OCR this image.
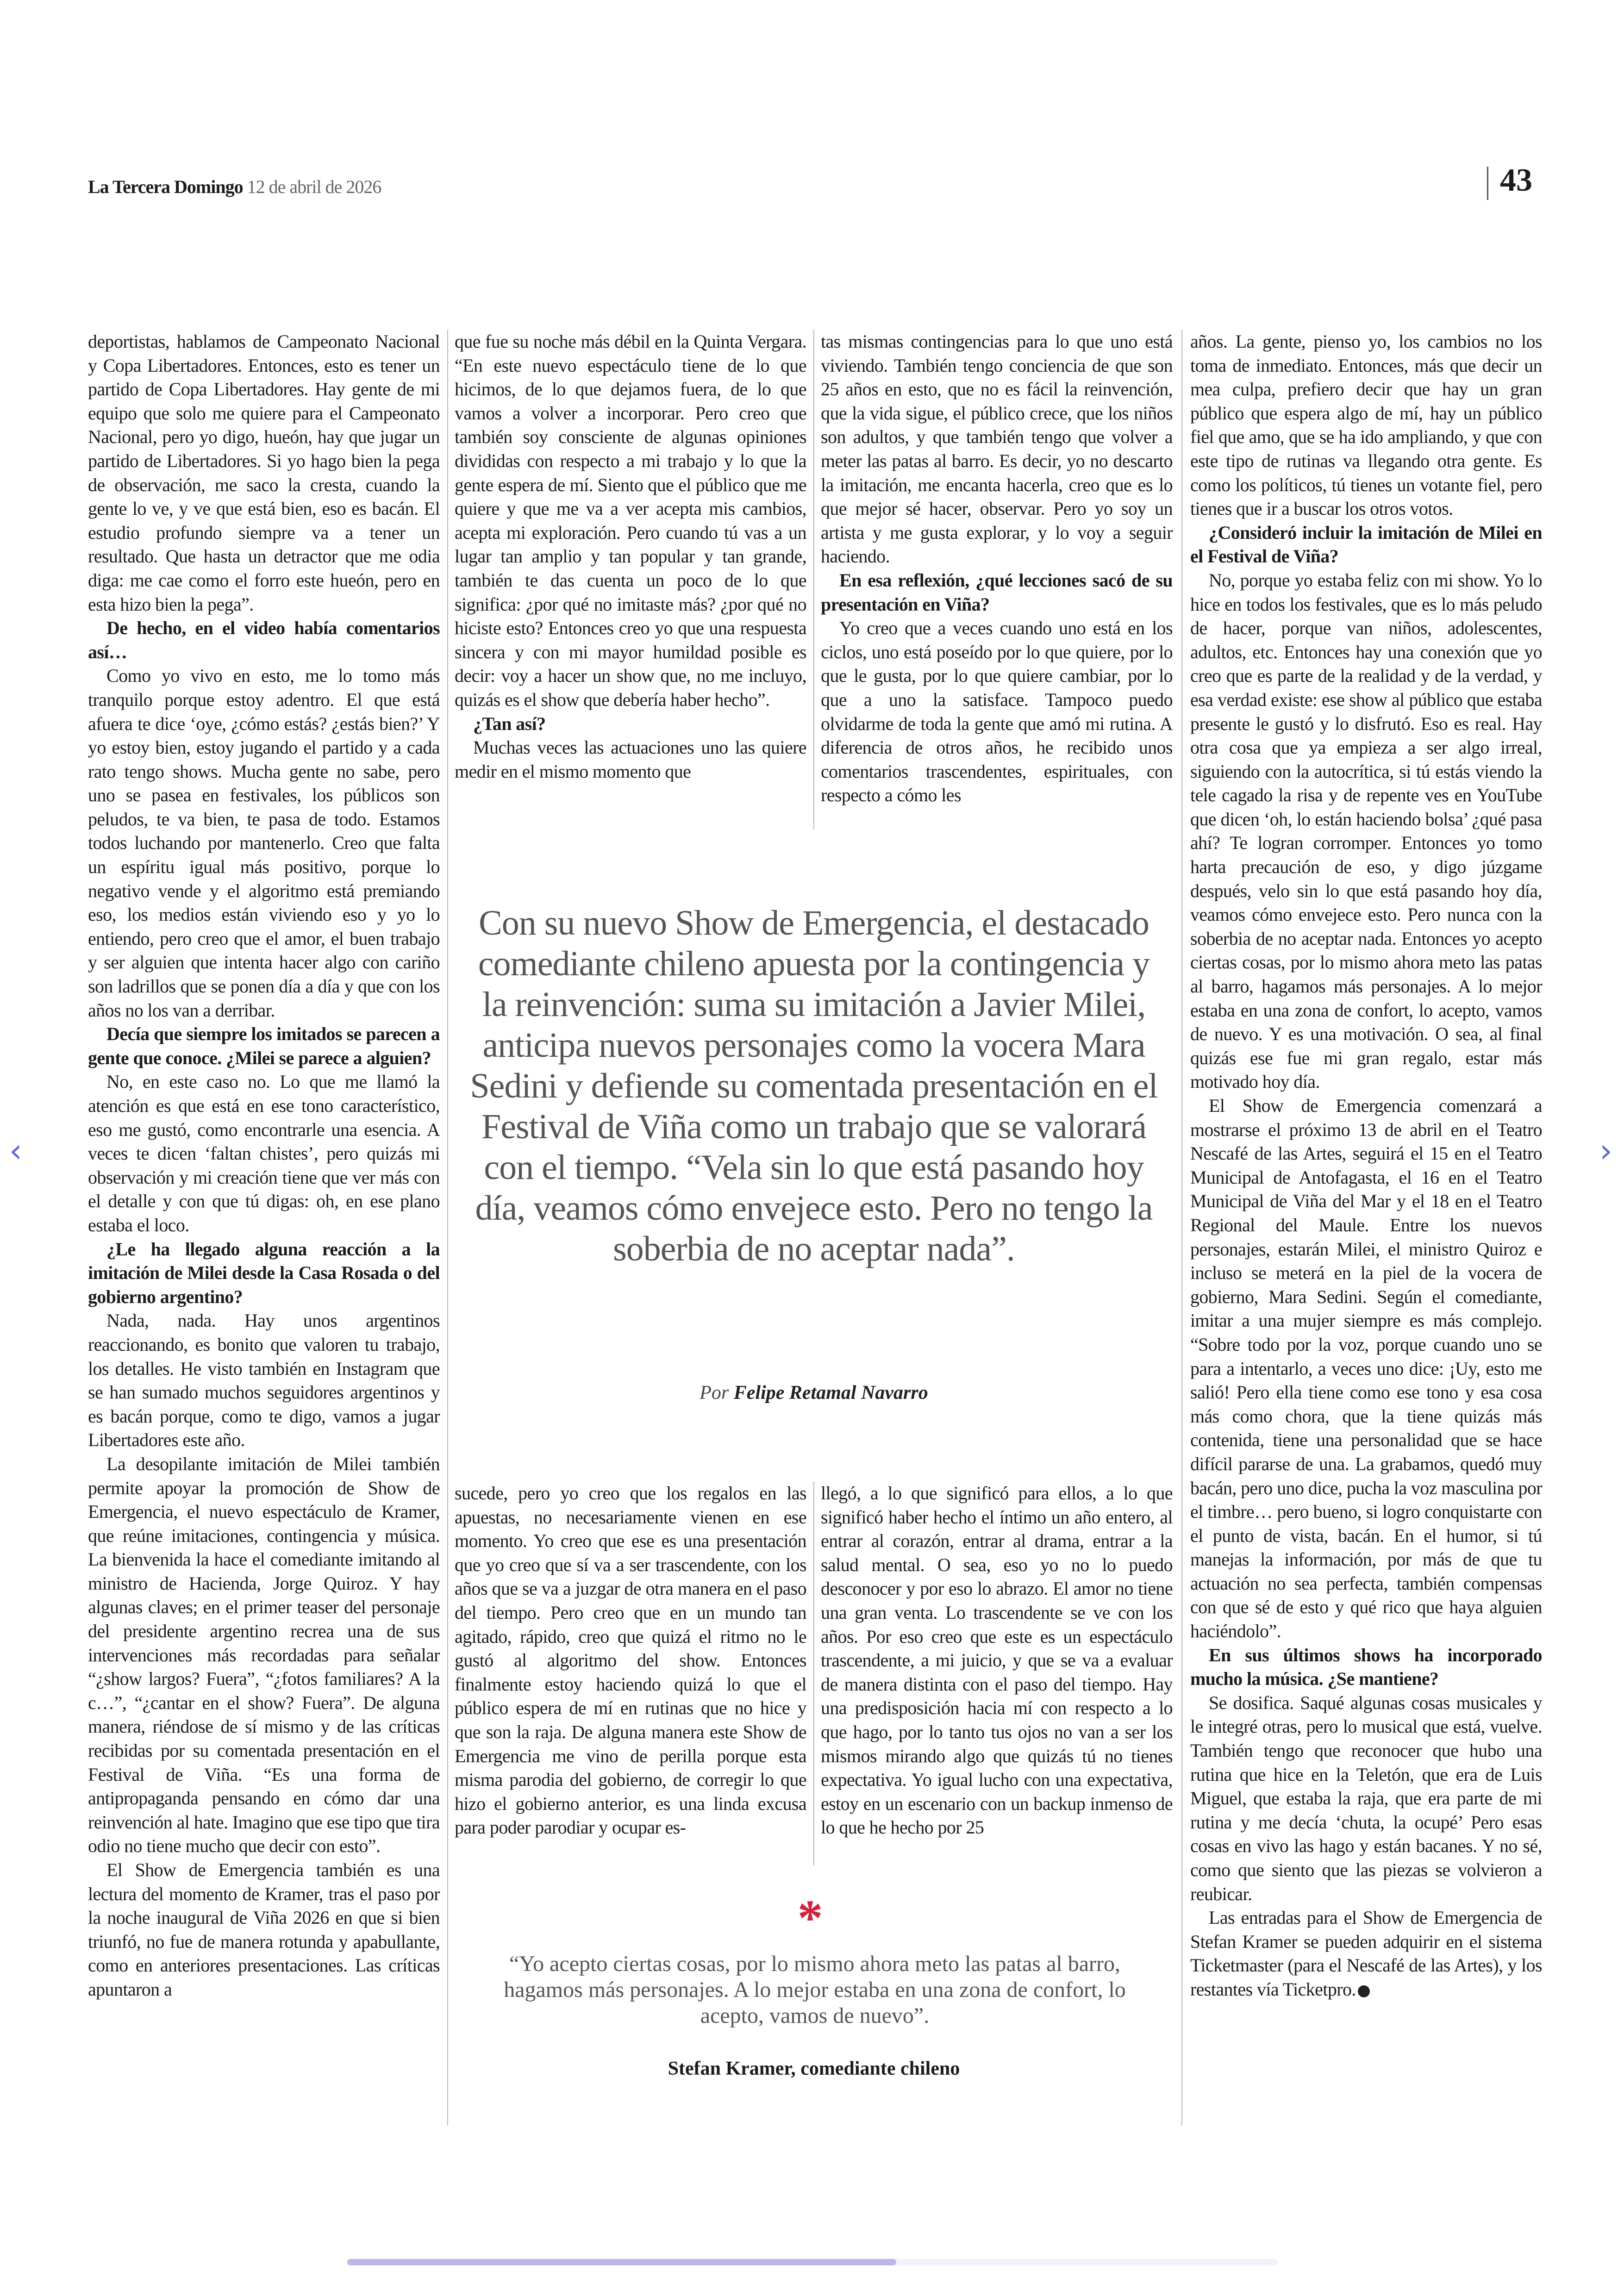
La Tercera Domingo 12 de abril de 2026	43

deportistas, hablamos de Campeonato Nacional y Copa Libertadores. Entonces, esto es tener un partido de Copa Libertadores. Hay gente de mi equipo que solo me quiere para el Campeonato Nacional, pero yo digo, hueón, hay que jugar un partido de Libertadores. Si yo hago bien la pega de observación, me saco la cresta, cuando la gente lo ve, y ve que está bien, eso es bacán. El estudio profundo siempre va a tener un resultado. Que hasta un detractor que me odia diga: me cae como el forro este hueón, pero en esta hizo bien la pega”.

De hecho, en el video había comentarios así…

Como yo vivo en esto, me lo tomo más tranquilo porque estoy adentro. El que está afuera te dice ‘oye, ¿cómo estás? ¿estás bien?’ Y yo estoy bien, estoy jugando el partido y a cada rato tengo shows. Mucha gente no sabe, pero uno se pasea en festivales, los públicos son peludos, te va bien, te pasa de todo. Estamos todos luchando por mantenerlo. Creo que falta un espíritu igual más positivo, porque lo negativo vende y el algoritmo está premiando eso, los medios están viviendo eso y yo lo entiendo, pero creo que el amor, el buen trabajo y ser alguien que intenta hacer algo con cariño son ladrillos que se ponen día a día y que con los años no los van a derribar.

Decía que siempre los imitados se parecen a gente que conoce. ¿Milei se parece a alguien?

No, en este caso no. Lo que me llamó la atención es que está en ese tono característico, eso me gustó, como encontrarle una esencia. A veces te dicen ‘faltan chistes’, pero quizás mi observación y mi creación tiene que ver más con el detalle y con que tú digas: oh, en ese plano estaba el loco.

¿Le ha llegado alguna reacción a la imitación de Milei desde la Casa Rosada o del gobierno argentino?

Nada, nada. Hay unos argentinos reaccionando, es bonito que valoren tu trabajo, los detalles. He visto también en Instagram que se han sumado muchos seguidores argentinos y es bacán porque, como te digo, vamos a jugar Libertadores este año.

La desopilante imitación de Milei también permite apoyar la promoción de Show de Emergencia, el nuevo espectáculo de Kramer, que reúne imitaciones, contingencia y música. La bienvenida la hace el comediante imitando al ministro de Hacienda, Jorge Quiroz. Y hay algunas claves; en el primer teaser del personaje del presidente argentino recrea una de sus intervenciones más recordadas para señalar “¿show largos? Fuera”, “¿fotos familiares? A la c…”, “¿cantar en el show? Fuera”. De alguna manera, riéndose de sí mismo y de las críticas recibidas por su comentada presentación en el Festival de Viña. “Es una forma de antipropaganda pensando en cómo dar una reinvención al hate. Imagino que ese tipo que tira odio no tiene mucho que decir con esto”.

El Show de Emergencia también es una lectura del momento de Kramer, tras el paso por la noche inaugural de Viña 2026 en que si bien triunfó, no fue de manera rotunda y apabullante, como en anteriores presentaciones. Las críticas apuntaron a

que fue su noche más débil en la Quinta Vergara. “En este nuevo espectáculo tiene de lo que hicimos, de lo que dejamos fuera, de lo que vamos a volver a incorporar. Pero creo que también soy consciente de algunas opiniones divididas con respecto a mi trabajo y lo que la gente espera de mí. Siento que el público que me quiere y que me va a ver acepta mis cambios, acepta mi exploración. Pero cuando tú vas a un lugar tan amplio y tan popular y tan grande, también te das cuenta un poco de lo que significa: ¿por qué no imitaste más? ¿por qué no hiciste esto? Entonces creo yo que una respuesta sincera y con mi mayor humildad posible es decir: voy a hacer un show que, no me incluyo, quizás es el show que debería haber hecho”.

¿Tan así?

Muchas veces las actuaciones uno las quiere medir en el mismo momento que

tas mismas contingencias para lo que uno está viviendo. También tengo conciencia de que son 25 años en esto, que no es fácil la reinvención, que la vida sigue, el público crece, que los niños son adultos, y que también tengo que volver a meter las patas al barro. Es decir, yo no descarto la imitación, me encanta hacerla, creo que es lo que mejor sé hacer, observar. Pero yo soy un artista y me gusta explorar, y lo voy a seguir haciendo.

En esa reflexión, ¿qué lecciones sacó de su presentación en Viña?

Yo creo que a veces cuando uno está en los ciclos, uno está poseído por lo que quiere, por lo que le gusta, por lo que quiere cambiar, por lo que a uno la satisface. Tampoco puedo olvidarme de toda la gente que amó mi rutina. A diferencia de otros años, he recibido unos comentarios trascendentes, espirituales, con respecto a cómo les

Con su nuevo Show de Emergencia, el destacado comediante chileno apuesta por la contingencia y la reinvención: suma su imitación a Javier Milei, anticipa nuevos personajes como la vocera Mara Sedini y defiende su comentada presentación en el Festival de Viña como un trabajo que se valorará con el tiempo. “Vela sin lo que está pasando hoy día, veamos cómo envejece esto. Pero no tengo la soberbia de no aceptar nada”.
Por Felipe Retamal Navarro

sucede, pero yo creo que los regalos en las apuestas, no necesariamente vienen en ese momento. Yo creo que ese es una presentación que yo creo que sí va a ser trascendente, con los años que se va a juzgar de otra manera en el paso del tiempo. Pero creo que en un mundo tan agitado, rápido, creo que quizá el ritmo no le gustó al algoritmo del show. Entonces finalmente estoy haciendo quizá lo que el público espera de mí en rutinas que no hice y que son la raja. De alguna manera este Show de Emergencia me vino de perilla porque esta misma parodia del gobierno, de corregir lo que hizo el gobierno anterior, es una linda excusa para poder parodiar y ocupar es-

llegó, a lo que significó para ellos, a lo que significó haber hecho el íntimo un año entero, al entrar al corazón, entrar al drama, entrar a la salud mental. O sea, eso yo no lo puedo desconocer y por eso lo abrazo. El amor no tiene una gran venta. Lo trascendente se ve con los años. Por eso creo que este es un espectáculo trascendente, a mi juicio, y que se va a evaluar de manera distinta con el paso del tiempo. Hay una predisposición hacia mí con respecto a lo que hago, por lo tanto tus ojos no van a ser los mismos mirando algo que quizás tú no tienes expectativa. Yo igual lucho con una expectativa, estoy en un escenario con un backup inmenso de lo que he hecho por 25

*
“Yo acepto ciertas cosas, por lo mismo ahora meto las patas al barro, hagamos más personajes. A lo mejor estaba en una zona de confort, lo acepto, vamos de nuevo”.
Stefan Kramer, comediante chileno

años. La gente, pienso yo, los cambios no los toma de inmediato. Entonces, más que decir un mea culpa, prefiero decir que hay un gran público que espera algo de mí, hay un público fiel que amo, que se ha ido ampliando, y que con este tipo de rutinas va llegando otra gente. Es como los políticos, tú tienes un votante fiel, pero tienes que ir a buscar los otros votos.

¿Consideró incluir la imitación de Milei en el Festival de Viña?

No, porque yo estaba feliz con mi show. Yo lo hice en todos los festivales, que es lo más peludo de hacer, porque van niños, adolescentes, adultos, etc. Entonces hay una conexión que yo creo que es parte de la realidad y de la verdad, y esa verdad existe: ese show al público que estaba presente le gustó y lo disfrutó. Eso es real. Hay otra cosa que ya empieza a ser algo irreal, siguiendo con la autocrítica, si tú estás viendo la tele cagado la risa y de repente ves en YouTube que dicen ‘oh, lo están haciendo bolsa’ ¿qué pasa ahí? Te logran corromper. Entonces yo tomo harta precaución de eso, y digo júzgame después, velo sin lo que está pasando hoy día, veamos cómo envejece esto. Pero nunca con la soberbia de no aceptar nada. Entonces yo acepto ciertas cosas, por lo mismo ahora meto las patas al barro, hagamos más personajes. A lo mejor estaba en una zona de confort, lo acepto, vamos de nuevo. Y es una motivación. O sea, al final quizás ese fue mi gran regalo, estar más motivado hoy día.

El Show de Emergencia comenzará a mostrarse el próximo 13 de abril en el Teatro Nescafé de las Artes, seguirá el 15 en el Teatro Municipal de Antofagasta, el 16 en el Teatro Municipal de Viña del Mar y el 18 en el Teatro Regional del Maule. Entre los nuevos personajes, estarán Milei, el ministro Quiroz e incluso se meterá en la piel de la vocera de gobierno, Mara Sedini. Según el comediante, imitar a una mujer siempre es más complejo. “Sobre todo por la voz, porque cuando uno se para a intentarlo, a veces uno dice: ¡Uy, esto me salió! Pero ella tiene como ese tono y esa cosa más como chora, que la tiene quizás más contenida, tiene una personalidad que se hace difícil pararse de una. La grabamos, quedó muy bacán, pero uno dice, pucha la voz masculina por el timbre… pero bueno, si logro conquistarte con el punto de vista, bacán. En el humor, si tú manejas la información, por más de que tu actuación no sea perfecta, también compensas con que sé de esto y qué rico que haya alguien haciéndolo”.

En sus últimos shows ha incorporado mucho la música. ¿Se mantiene?

Se dosifica. Saqué algunas cosas musicales y le integré otras, pero lo musical que está, vuelve. También tengo que reconocer que hubo una rutina que hice en la Teletón, que era de Luis Miguel, que estaba la raja, que era parte de mi rutina y me decía ‘chuta, la ocupé’ Pero esas cosas en vivo las hago y están bacanes. Y no sé, como que siento que las piezas se volvieron a reubicar.

Las entradas para el Show de Emergencia de Stefan Kramer se pueden adquirir en el sistema Ticketmaster (para el Nescafé de las Artes), y los restantes vía Ticketpro.

‹	›
